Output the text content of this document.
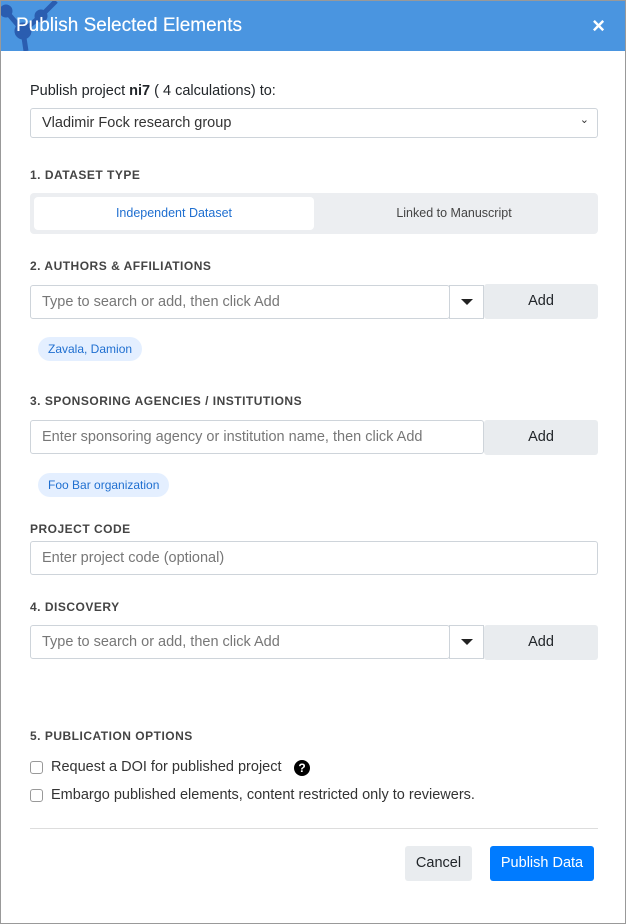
Publish Selected Elements	×
Publish project ni7 ( 4 calculations) to:
Vladimir Fock research group	⌄
1. DATASET TYPE
Independent Dataset	Linked to Manuscript
2. AUTHORS & AFFILIATIONS
Type to search or add, then click Add	Add
Zavala, Damion
3. SPONSORING AGENCIES / INSTITUTIONS
Enter sponsoring agency or institution name, then click Add	Add
Foo Bar organization
PROJECT CODE
Enter project code (optional)
4. DISCOVERY
Type to search or add, then click Add	Add
5. PUBLICATION OPTIONS
Request a DOI for published project	?
Embargo published elements, content restricted only to reviewers.
Cancel	Publish Data
